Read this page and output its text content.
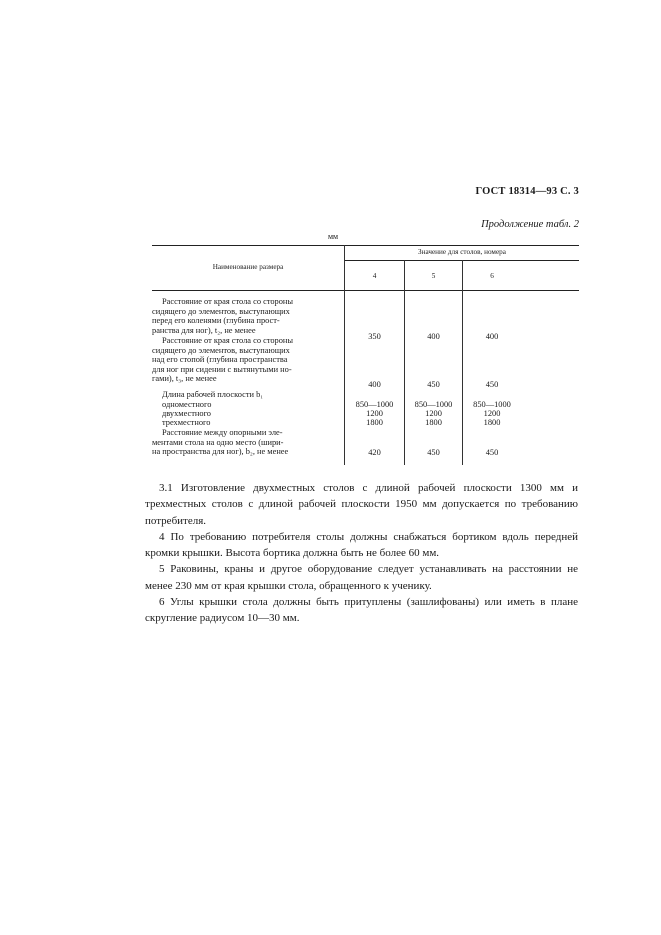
ГОСТ 18314—93 С. 3
Продолжение табл. 2
мм
Наименование размера
Значение для столов, номера
4	5	6
Расстояние от края стола со стороны
сидящего до элементов, выступающих
перед его коленями (глубина прост-
ранства для ног), t₂, не менее
350	400	400
Расстояние от края стола со стороны
сидящего до элементов, выступающих
над его стопой (глубина пространства
для ног при сидении с вытянутыми но-
гами), t₃, не менее
400	450	450
Длина рабочей плоскости b₁
одноместного	850—1000	850—1000	850—1000
двухместного	1200	1200	1200
трехместного	1800	1800	1800
Расстояние между опорными эле-
ментами стола на одно место (шири-
на пространства для ног), b₂, не менее	420	450	450

3.1 Изготовление двухместных столов с длиной рабочей плоскости 1300 мм и трехместных столов с длиной рабочей плоскости 1950 мм допускается по требованию потребителя.

4 По требованию потребителя столы должны снабжаться бортиком вдоль передней кромки крышки. Высота бортика должна быть не более 60 мм.

5 Раковины, краны и другое оборудование следует устанавливать на расстоянии не менее 230 мм от края крышки стола, обращенного к ученику.

6 Углы крышки стола должны быть притуплены (зашлифованы) или иметь в плане скругление радиусом 10—30 мм.
